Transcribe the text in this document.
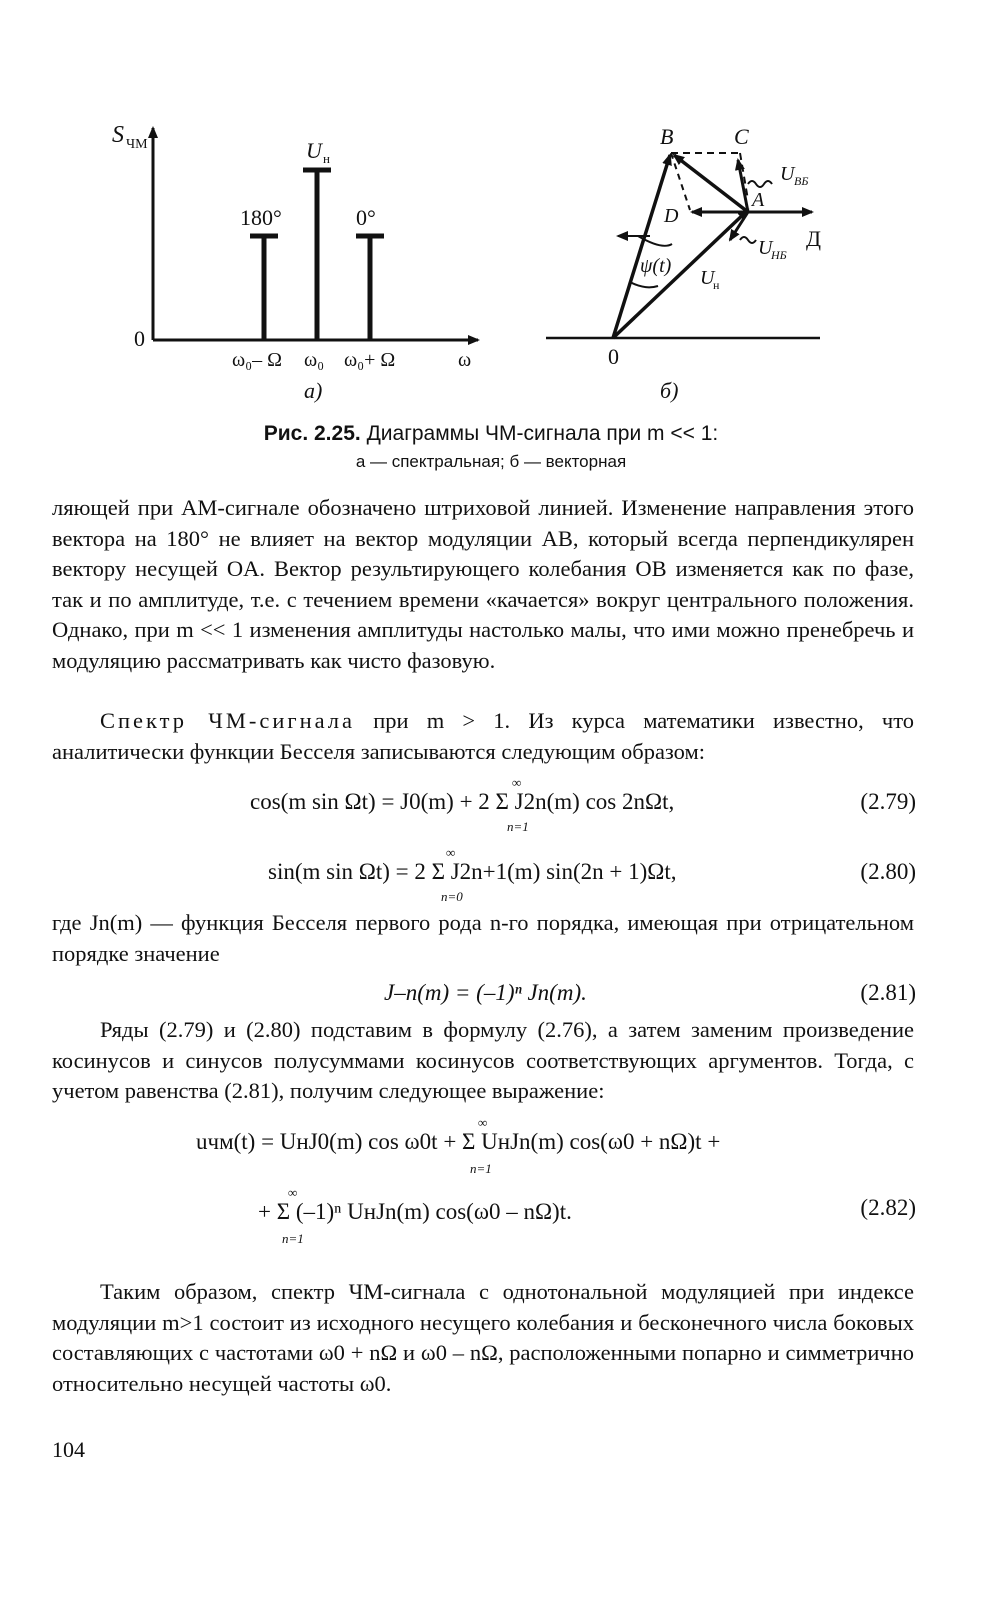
S ЧМ
0
U н
180°	0°
ω₀– Ω ω₀ ω₀+ Ω	ω
а)
0
B	C
A
D
Д
U ВБ
U
НБ
U
н
ψ(t)
б)
Рис. 2.25. Диаграммы ЧМ-сигнала при m << 1:
а — спектральная; б — векторная

ляющей при АМ-сигнале обозначено штриховой линией. Изменение направления этого вектора на 180° не влияет на вектор модуляции AB, который всегда перпендикулярен вектору несущей OA. Вектор результирующего колебания OB изменяется как по фазе, так и по амплитуде, т.е. с течением времени «качается» вокруг центрального положения. Однако, при m << 1 изменения амплитуды настолько малы, что ими можно пренебречь и модуляцию рассматривать как чисто фазовую.

Спектр ЧМ-сигнала при m > 1. Из курса математики известно, что аналитически функции Бесселя записываются следующим образом:

cos(m sin Ωt) = J0(m) + 2 Σ J2n(m) cos 2nΩt,
∞
n=1
(2.79)
sin(m sin Ωt) = 2 Σ J2n+1(m) sin(2n + 1)Ωt,
∞
n=0
(2.80)

где Jn(m) — функция Бесселя первого рода n-го порядка, имеющая при отрицательном порядке значение

J–n(m) = (–1)ⁿ Jn(m).	(2.81)

Ряды (2.79) и (2.80) подставим в формулу (2.76), а затем заменим произведение косинусов и синусов полусуммами косинусов соответствующих аргументов. Тогда, с учетом равенства (2.81), получим следующее выражение:

uчм(t) = UнJ0(m) cos ω0t + Σ UнJn(m) cos(ω0 + nΩ)t +
∞
n=1
+ Σ (–1)ⁿ UнJn(m) cos(ω0 – nΩ)t.
∞
n=1
(2.82)

Таким образом, спектр ЧМ-сигнала с однотональной модуляцией при индексе модуляции m>1 состоит из исходного несущего колебания и бесконечного числа боковых составляющих с частотами ω0 + nΩ и ω0 – nΩ, расположенными попарно и симметрично относительно несущей частоты ω0.

104
